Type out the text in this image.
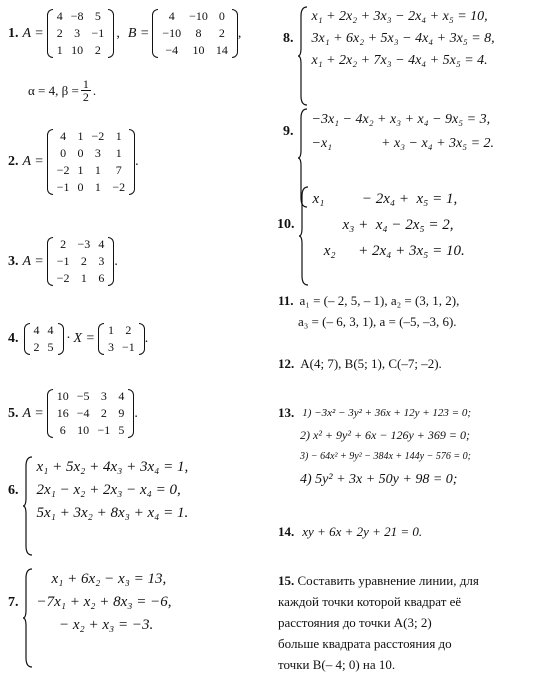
1. A =
4	−8	5
2	3	−1
1	10	2
, B =
4	−10	0
−10	8	2
−4	10	14
,
α = 4, $\beta = \frac{1}{2}$ .
2. A =
4	1	−2	1
0	0	3	1
−2	1	1	7
−1	0	1	−2
.
3. A =
2	−3	4
−1	2	3
−2	1	6
.
4.
4	4
2	5
· X =
1	2
3	−1
.
5. A =
10	−5	3	4
16	−4	2	9
6	10	−1	5
.
6.
x₁ + 5x₂ + 4x₃ + 3x₄ = 1,
2x₁ − x₂ + 2x₃ − x₄ = 0,
5x₁ + 3x₂ + 8x₃ + x₄ = 1.
7.
x₁ + 6x₂ − x₃ = 13,
−7x₁ + x₂ + 8x₃ = −6,
− x₂ + x₃ = −3.
8.
x₁ + 2x₂ + 3x₃ − 2x₄ + x₅ = 10,
3x₁ + 6x₂ + 5x₃ − 4x₄ + 3x₅ = 8,
x₁ + 2x₂ + 7x₃ − 4x₄ + 5x₅ = 4.
9.
−3x₁ − 4x₂ + x₃ + x₄ − 9x₅ = 3,
−x₁              + x₃ − x₄ + 3x₅ = 2.
10.
x₁          − 2x₄ +  x₅ = 1,
x₃ +  x₄ − 2x₅ = 2,
x₂      + 2x₄ + 3x₅ = 10.
11. a₁ = (– 2, 5, – 1), a₂ = (3, 1, 2),
a₃ = (– 6, 3, 1), a = (–5, –3, 6).
12. A(4; 7), B(5; 1), C(–7; –2).
13. 1) −3x² − 3y² + 36x + 12y + 123 = 0;
2) x² + 9y² + 6x − 126y + 369 = 0;
3) − 64x² + 9y² − 384x + 144y − 576 = 0;
4) 5y² + 3x + 50y + 98 = 0;
14. xy + 6x + 2y + 21 = 0.
15. Составить уравнение линии, для
каждой точки которой квадрат её
расстояния до точки А(3; 2)
больше квадрата расстояния до
точки В(– 4; 0) на 10.
